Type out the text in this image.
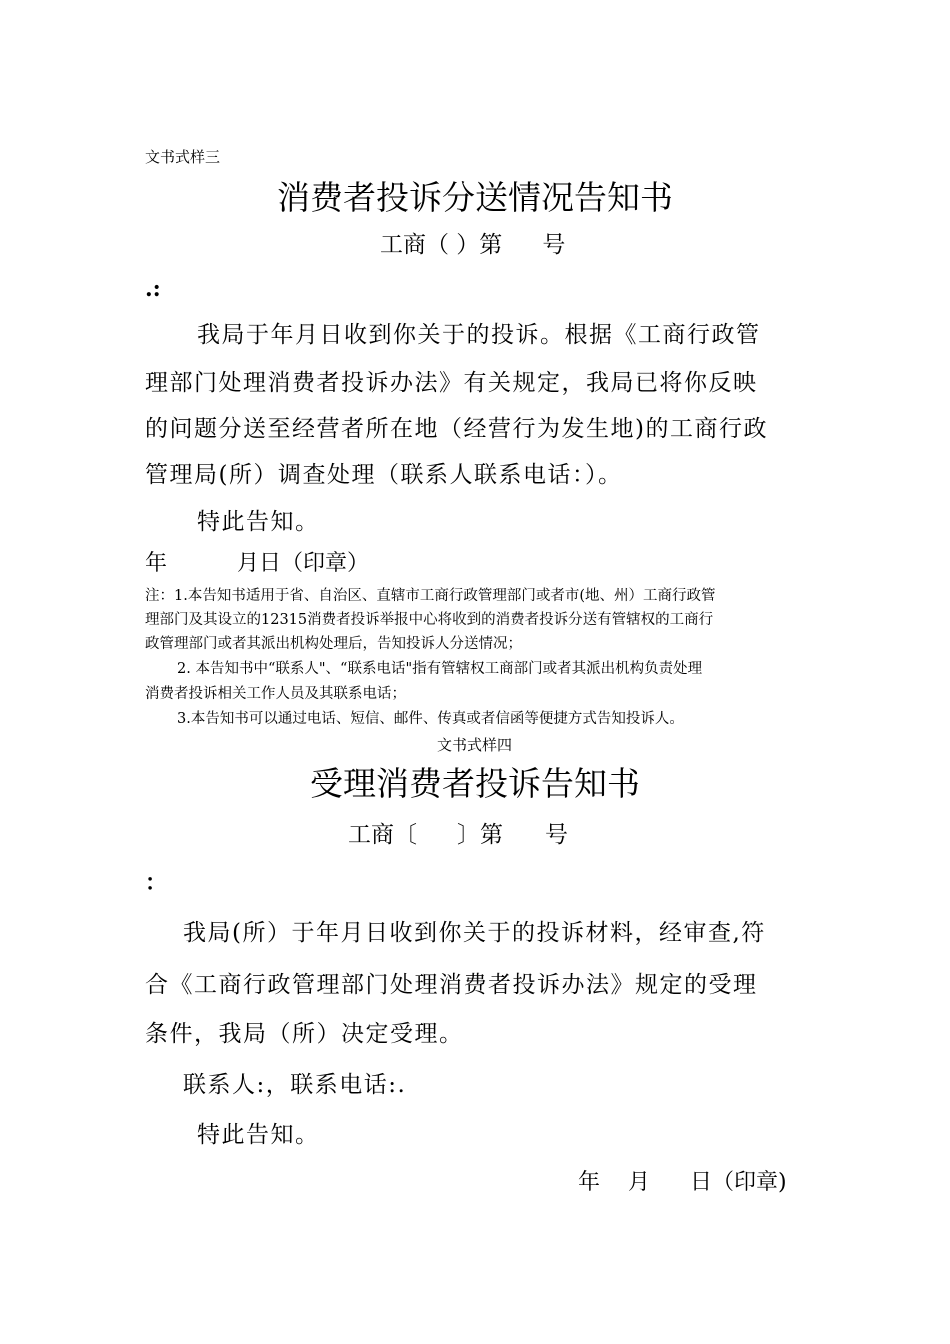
文书式样三
消费者投诉分送情况告知书
工商（ ）第 号
.:
我局于年月日收到你关于的投诉。根据《工商行政管
理部门处理消费者投诉办法》有关规定，我局已将你反映
的问题分送至经营者所在地（经营行为发生地)的工商行政
管理局(所）调查处理（联系人联系电话：）。
特此告知。
年	月日（印章）
注：1.本告知书适用于省、自治区、直辖市工商行政管理部门或者市(地、州）工商行政管
理部门及其设立的12315消费者投诉举报中心将收到的消费者投诉分送有管辖权的工商行
政管理部门或者其派出机构处理后，告知投诉人分送情况；
2. 本告知书中“联系人"、“联系电话"指有管辖权工商部门或者其派出机构负责处理
消费者投诉相关工作人员及其联系电话；
3.本告知书可以通过电话、短信、邮件、传真或者信函等便捷方式告知投诉人。
文书式样四
受理消费者投诉告知书
工商〔 〕第 号
：
我局(所）于年月日收到你关于的投诉材料，经审查,符
合《工商行政管理部门处理消费者投诉办法》规定的受理
条件，我局（所）决定受理。
联系人:，联系电话:.
特此告知。
年 月 日（印章)
